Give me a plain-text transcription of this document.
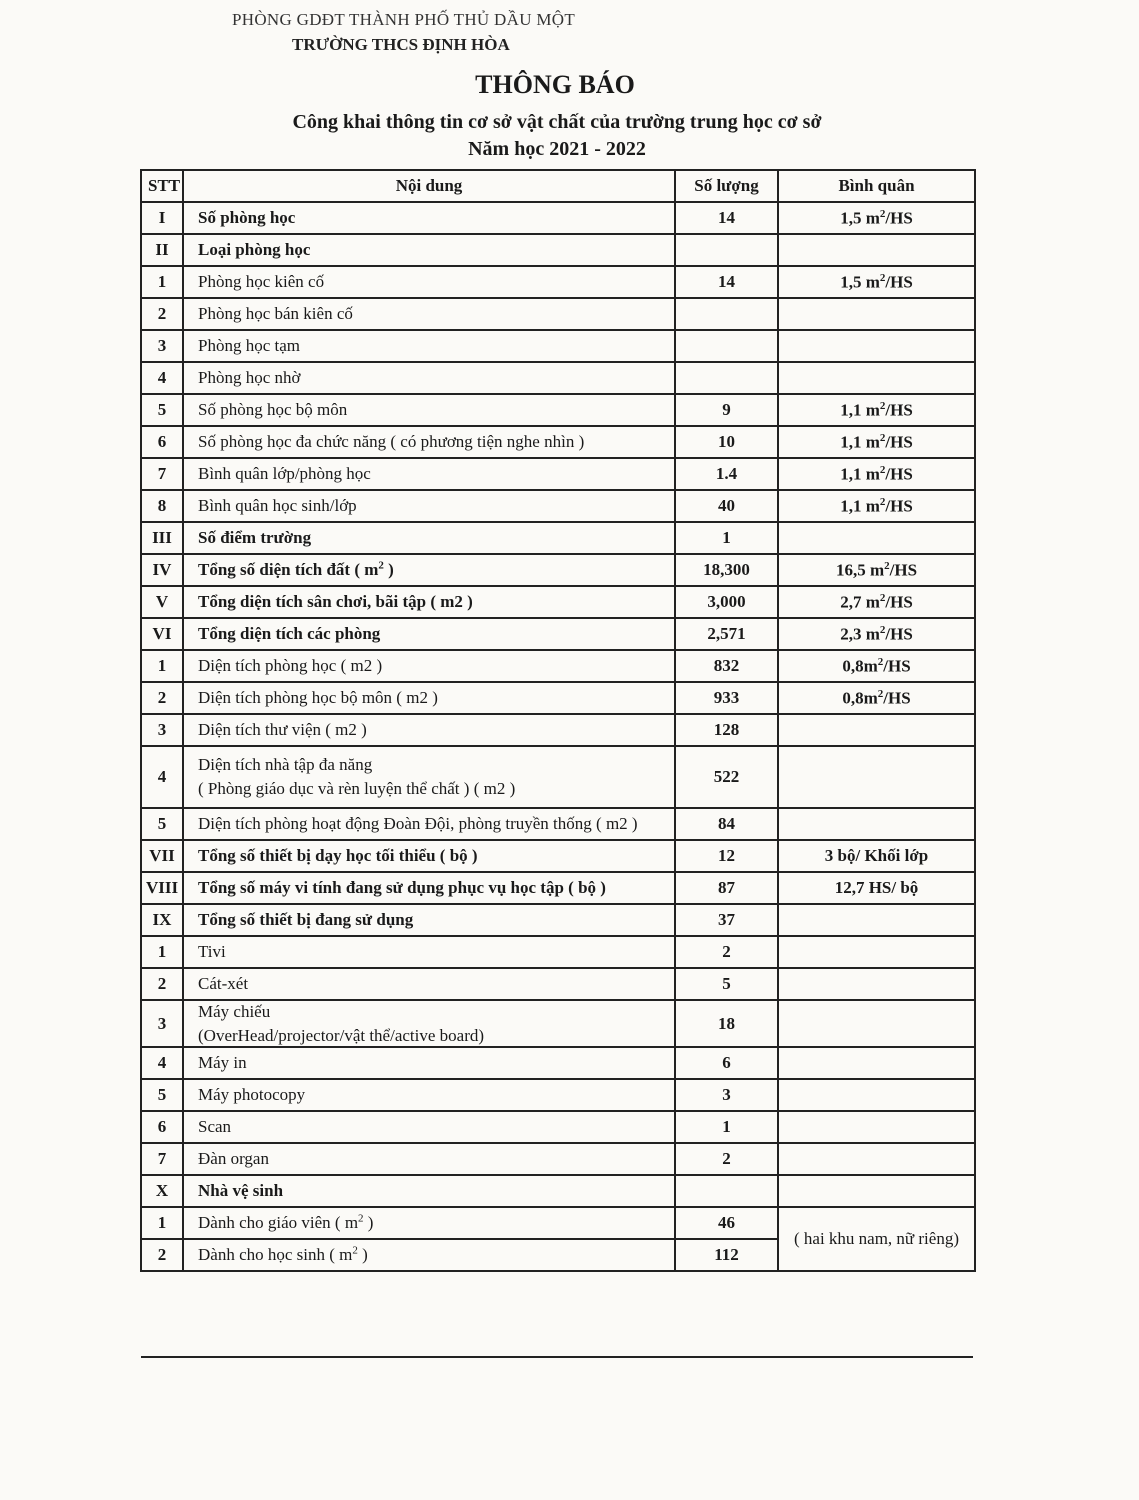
PHÒNG GDĐT THÀNH PHỐ THỦ DẦU MỘT
TRƯỜNG THCS ĐỊNH HÒA
THÔNG BÁO
Công khai thông tin cơ sở vật chất của trường trung học cơ sở
Năm học 2021 - 2022
STT	Nội dung	Số lượng	Bình quân
I	Số phòng học	14	1,5 $m^2/HS$
II	Loại phòng học		
1	Phòng học kiên cố	14	1,5 $m^2/HS$
2	Phòng học bán kiên cố		
3	Phòng học tạm		
4	Phòng học nhờ		
5	Số phòng học bộ môn	9	1,1 $m^2/HS$
6	Số phòng học đa chức năng ( có phương tiện nghe nhìn )	10	1,1 $m^2/HS$
7	Bình quân lớp/phòng học	1.4	1,1 $m^2/HS$
8	Bình quân học sinh/lớp	40	1,1 $m^2/HS$
III	Số điểm trường	1	
IV	Tổng số diện tích đất ( $m^2$ )	18,300	16,5 $m^2/HS$
V	Tổng diện tích sân chơi, bãi tập ( m2 )	3,000	2,7 $m^2/HS$
VI	Tổng diện tích các phòng	2,571	2,3 $m^2/HS$
1	Diện tích phòng học ( m2 )	832	$0,8m^2/HS$
2	Diện tích phòng học bộ môn ( m2 )	933	$0,8m^2/HS$
3	Diện tích thư viện ( m2 )	128	
4	Diện tích nhà tập đa năng
( Phòng giáo dục và rèn luyện thể chất ) ( m2 )	522	
5	Diện tích phòng hoạt động Đoàn Đội, phòng truyền thống ( m2 )	84	
VII	Tổng số thiết bị dạy học tối thiểu ( bộ )	12	3 bộ/ Khối lớp
VIII	Tổng số máy vi tính đang sử dụng phục vụ học tập ( bộ )	87	12,7 HS/ bộ
IX	Tổng số thiết bị đang sử dụng	37	
1	Tivi	2	
2	Cát-xét	5	
3	Máy chiếu
(OverHead/projector/vật thể/active board)	18	
4	Máy in	6	
5	Máy photocopy	3	
6	Scan	1	
7	Đàn organ	2	
X	Nhà vệ sinh		
1	Dành cho giáo viên ( $m^2$ )	46	( hai khu nam, nữ riêng)
2	Dành cho học sinh ( $m^2$ )	112	
